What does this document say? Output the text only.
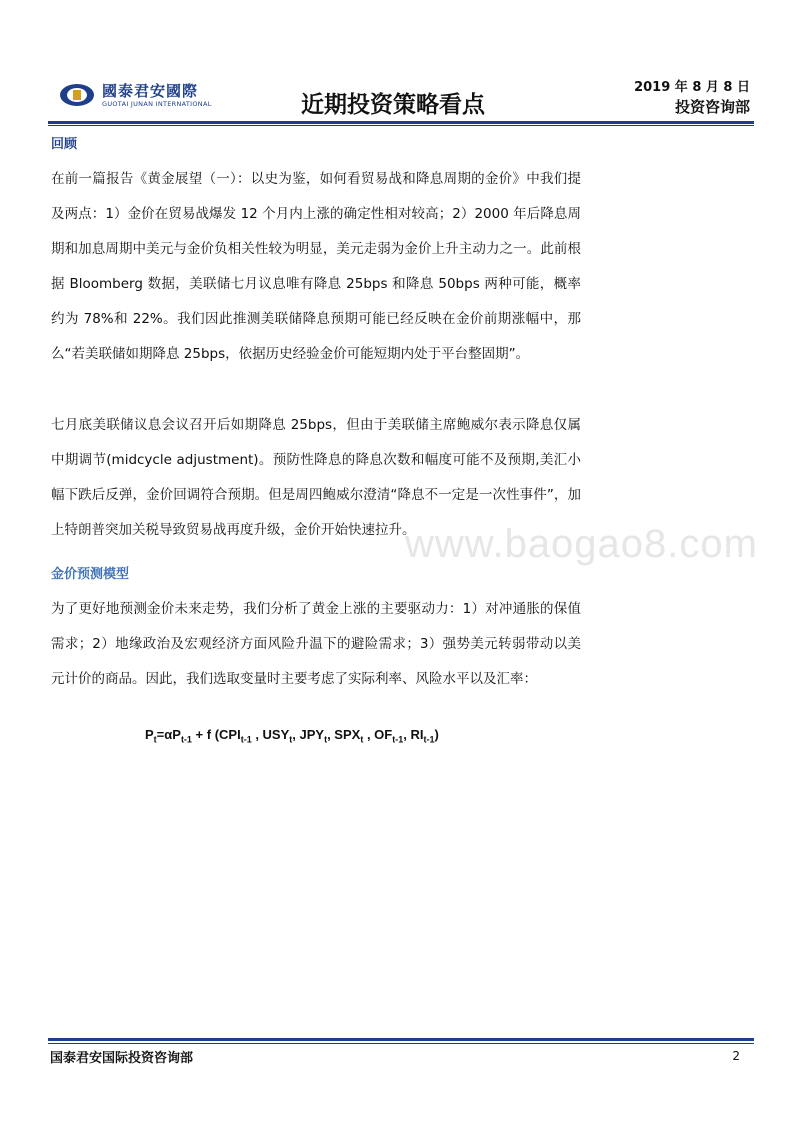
國泰君安國際
GUOTAI JUNAN INTERNATIONAL	近期投资策略看点
2019 年 8 月 8 日
投资咨询部
www.baogao8.com
回顾

在前一篇报告《黄金展望（一）：以史为鉴，如何看贸易战和降息周期的金价》中我们提及两点：1）金价在贸易战爆发 12 个月内上涨的确定性相对较高；2）2000 年后降息周期和加息周期中美元与金价负相关性较为明显，美元走弱为金价上升主动力之一。此前根据 Bloomberg 数据，美联储七月议息唯有降息 25bps 和降息 50bps 两种可能，概率约为 78%和 22%。我们因此推测美联储降息预期可能已经反映在金价前期涨幅中，那么“若美联储如期降息 25bps，依据历史经验金价可能短期内处于平台整固期”。

七月底美联储议息会议召开后如期降息 25bps，但由于美联储主席鲍威尔表示降息仅属中期调节(midcycle adjustment)。预防性降息的降息次数和幅度可能不及预期,美汇小幅下跌后反弹，金价回调符合预期。但是周四鲍威尔澄清“降息不一定是一次性事件”，加上特朗普突加关税导致贸易战再度升级，金价开始快速拉升。

金价预测模型

为了更好地预测金价未来走势，我们分析了黄金上涨的主要驱动力：1）对冲通胀的保值需求；2）地缘政治及宏观经济方面风险升温下的避险需求；3）强势美元转弱带动以美元计价的商品。因此，我们选取变量时主要考虑了实际利率、风险水平以及汇率：

$P_t=\alpha P_{t-1} + f$ ($CPI_{t-1}$ , $USY_t$, $JPY_t$, $SPX_t$ , $OF_{t-1}$, $RI_{t-1}$)
国泰君安国际投资咨询部	2
